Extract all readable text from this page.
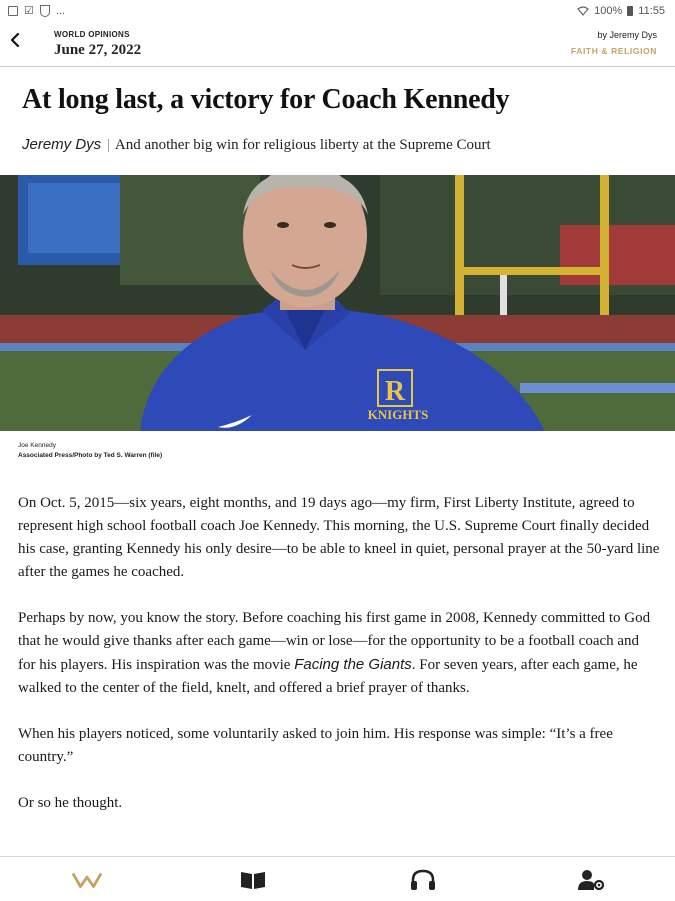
☑ ...	100% 11:55
WORLD OPINIONS
June 27, 2022
by Jeremy Dys
FAITH & RELIGION
At long last, a victory for Coach Kennedy
Jeremy Dys | And another big win for religious liberty at the Supreme Court
R
KNIGHTS
Joe Kennedy
Associated Press/Photo by Ted S. Warren (file)

On Oct. 5, 2015—six years, eight months, and 19 days ago—my firm, First Liberty Institute, agreed to represent high school football coach Joe Kennedy. This morning, the U.S. Supreme Court finally decided his case, granting Kennedy his only desire—to be able to kneel in quiet, personal prayer at the 50-yard line after the games he coached.

Perhaps by now, you know the story. Before coaching his first game in 2008, Kennedy committed to God that he would give thanks after each game—win or lose—for the opportunity to be a football coach and for his players. His inspiration was the movie Facing the Giants. For seven years, after each game, he walked to the center of the field, knelt, and offered a brief prayer of thanks.

When his players noticed, some voluntarily asked to join him. His response was simple: “It’s a free country.”

Or so he thought.
